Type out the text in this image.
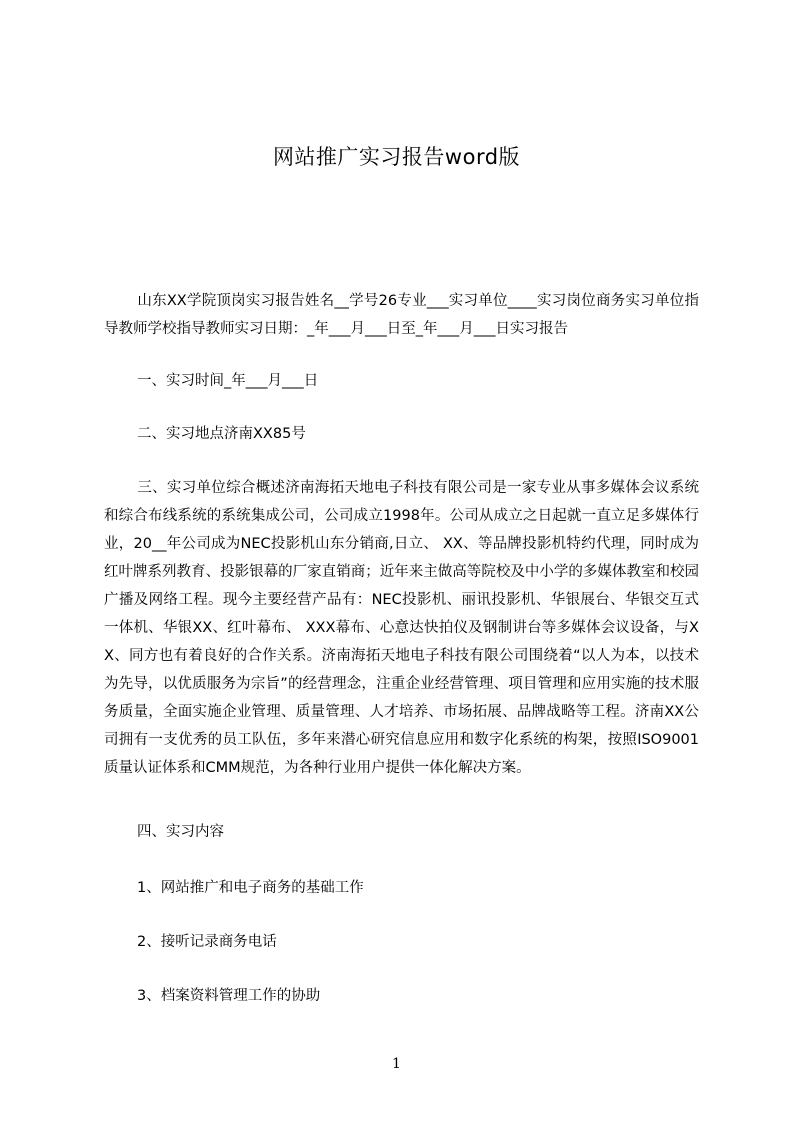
网站推广实习报告word版
山东XX学院顶岗实习报告姓名__学号26专业___实习单位____实习岗位商务实习单位指导教师学校指导教师实习日期：_年___月___日至_年___月___日实习报告
一、实习时间_年___月___日
二、实习地点济南XX85号
三、实习单位综合概述济南海拓天地电子科技有限公司是一家专业从事多媒体会议系统和综合布线系统的系统集成公司，公司成立1998年。公司从成立之日起就一直立足多媒体行业，20__年公司成为NEC投影机山东分销商,日立、 XX、等品牌投影机特约代理，同时成为红叶牌系列教育、投影银幕的厂家直销商；近年来主做高等院校及中小学的多媒体教室和校园广播及网络工程。现今主要经营产品有：NEC投影机、丽讯投影机、华银展台、华银交互式一体机、华银XX、红叶幕布、 XXX幕布、心意达快拍仪及钢制讲台等多媒体会议设备，与XX、同方也有着良好的合作关系。济南海拓天地电子科技有限公司围绕着“以人为本，以技术为先导，以优质服务为宗旨”的经营理念，注重企业经营管理、项目管理和应用实施的技术服务质量，全面实施企业管理、质量管理、人才培养、市场拓展、品牌战略等工程。济南XX公司拥有一支优秀的员工队伍，多年来潜心研究信息应用和数字化系统的构架，按照ISO9001质量认证体系和CMM规范，为各种行业用户提供一体化解决方案。
四、实习内容
1、网站推广和电子商务的基础工作
2、接听记录商务电话
3、档案资料管理工作的协助
1
